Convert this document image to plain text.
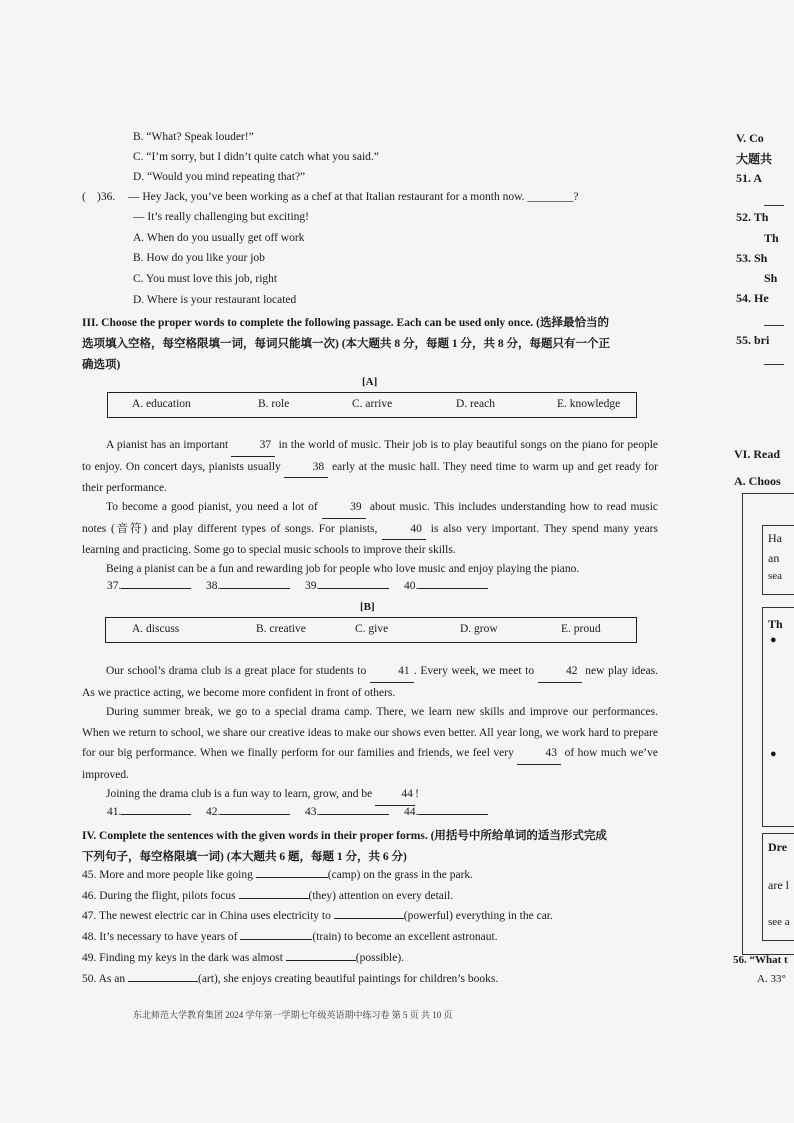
B. “What? Speak louder!”
C. “I’m sorry, but I didn’t quite catch what you said.”
D. “Would you mind repeating that?”
( )36. — Hey Jack, you’ve been working as a chef at that Italian restaurant for a month now. ________?
— It’s really challenging but exciting!
A. When do you usually get off work
B. How do you like your job
C. You must love this job, right
D. Where is your restaurant located
III. Choose the proper words to complete the following passage. Each can be used only once. (选择最恰当的
选项填入空格，每空格限填一词，每词只能填一次) (本大题共 8 分，每题 1 分，共 8 分，每题只有一个正
确选项)
[A]
A. education	B. role	C. arrive	D. reach	E. knowledge
A pianist has an important 37 in the world of music. Their job is to play beautiful songs on the piano for people to enjoy. On concert days, pianists usually 38 early at the music hall. They need time to warm up and get ready for their performance.
To become a good pianist, you need a lot of 39 about music. This includes understanding how to read music notes (音符) and play different types of songs. For pianists, 40 is also very important. They spend many years learning and practicing. Some go to special music schools to improve their skills.
Being a pianist can be a fun and rewarding job for people who love music and enjoy playing the piano.
37.	38.	39.	40.
[B]
A. discuss	B. creative	C. give	D. grow	E. proud
Our school’s drama club is a great place for students to 41 . Every week, we meet to 42 new play ideas. As we practice acting, we become more confident in front of others.
During summer break, we go to a special drama camp. There, we learn new skills and improve our performances. When we return to school, we share our creative ideas to make our shows even better. All year long, we work hard to prepare for our big performance. When we finally perform for our families and friends, we feel very 43 of how much we’ve improved.
Joining the drama club is a fun way to learn, grow, and be 44 !
41.	42.	43.	44.
IV. Complete the sentences with the given words in their proper forms. (用括号中所给单词的适当形式完成
下列句子，每空格限填一词) (本大题共 6 题，每题 1 分，共 6 分)
45. More and more people like going	(camp) on the grass in the park.
46. During the flight, pilots focus	(they) attention on every detail.
47. The newest electric car in China uses electricity to	(powerful) everything in the car.
48. It’s necessary to have years of	(train) to become an excellent astronaut.
49. Finding my keys in the dark was almost	(possible).
50. As an	(art), she enjoys creating beautiful paintings for children’s books.
东北师范大学教育集团 2024 学年第一学期七年级英语期中练习卷 第 5 页 共 10 页
V. Co
大题共
51. A
52. Th
Th
53. Sh
Sh
54. He
55. bri
VI. Read
A. Choos
Ha
an
sea
Th
●
●
Dre
are l
see a
56. “What t
A. 33°
